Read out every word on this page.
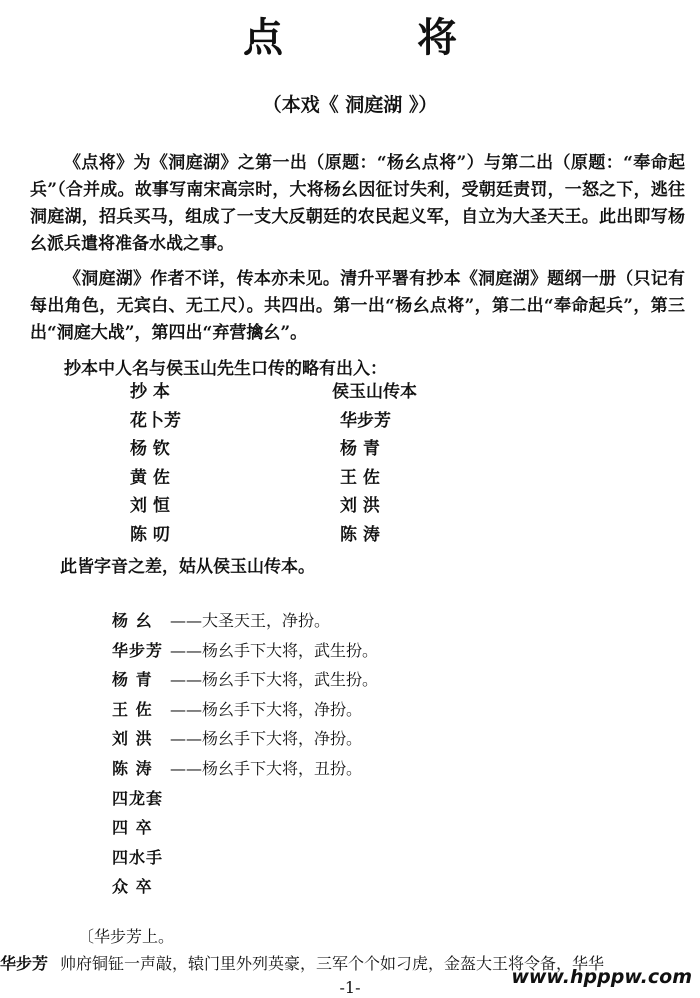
点 将
（本戏《 洞庭湖 》）

《点将》为《洞庭湖》之第一出（原题：“杨幺点将”）与第二出（原题：“奉命起兵”（合并成。故事写南宋高宗时，大将杨幺因征讨失利，受朝廷责罚，一怒之下，逃往洞庭湖，招兵买马，组成了一支大反朝廷的农民起义军，自立为大圣天王。此出即写杨幺派兵遣将准备水战之事。

《洞庭湖》作者不详，传本亦未见。清升平署有抄本《洞庭湖》题纲一册（只记有每出角色，无宾白、无工尺）。共四出。第一出“杨幺点将”，第二出“奉命起兵”，第三出“洞庭大战”，第四出“弃营擒幺”。

抄本中人名与侯玉山先生口传的略有出入：

抄 本	侯玉山传本
花卜芳	华步芳
杨 钦	杨 青
黄 佐	王 佐
刘 恒	刘 洪
陈 叨	陈 涛
此皆字音之差，姑从侯玉山传本。
杨 幺 ——大圣天王，净扮。
华步芳 ——杨幺手下大将，武生扮。
杨 青 ——杨幺手下大将，武生扮。
王 佐 ——杨幺手下大将，净扮。
刘 洪 ——杨幺手下大将，净扮。
陈 涛 ——杨幺手下大将，丑扮。
四龙套
四 卒
四水手
众 卒
〔华步芳上。
华步芳 帅府铜钲一声敲，辕门里外列英豪，三军个个如刁虎，金盔大王将令备，华华
www.hpppw.com
-1-
